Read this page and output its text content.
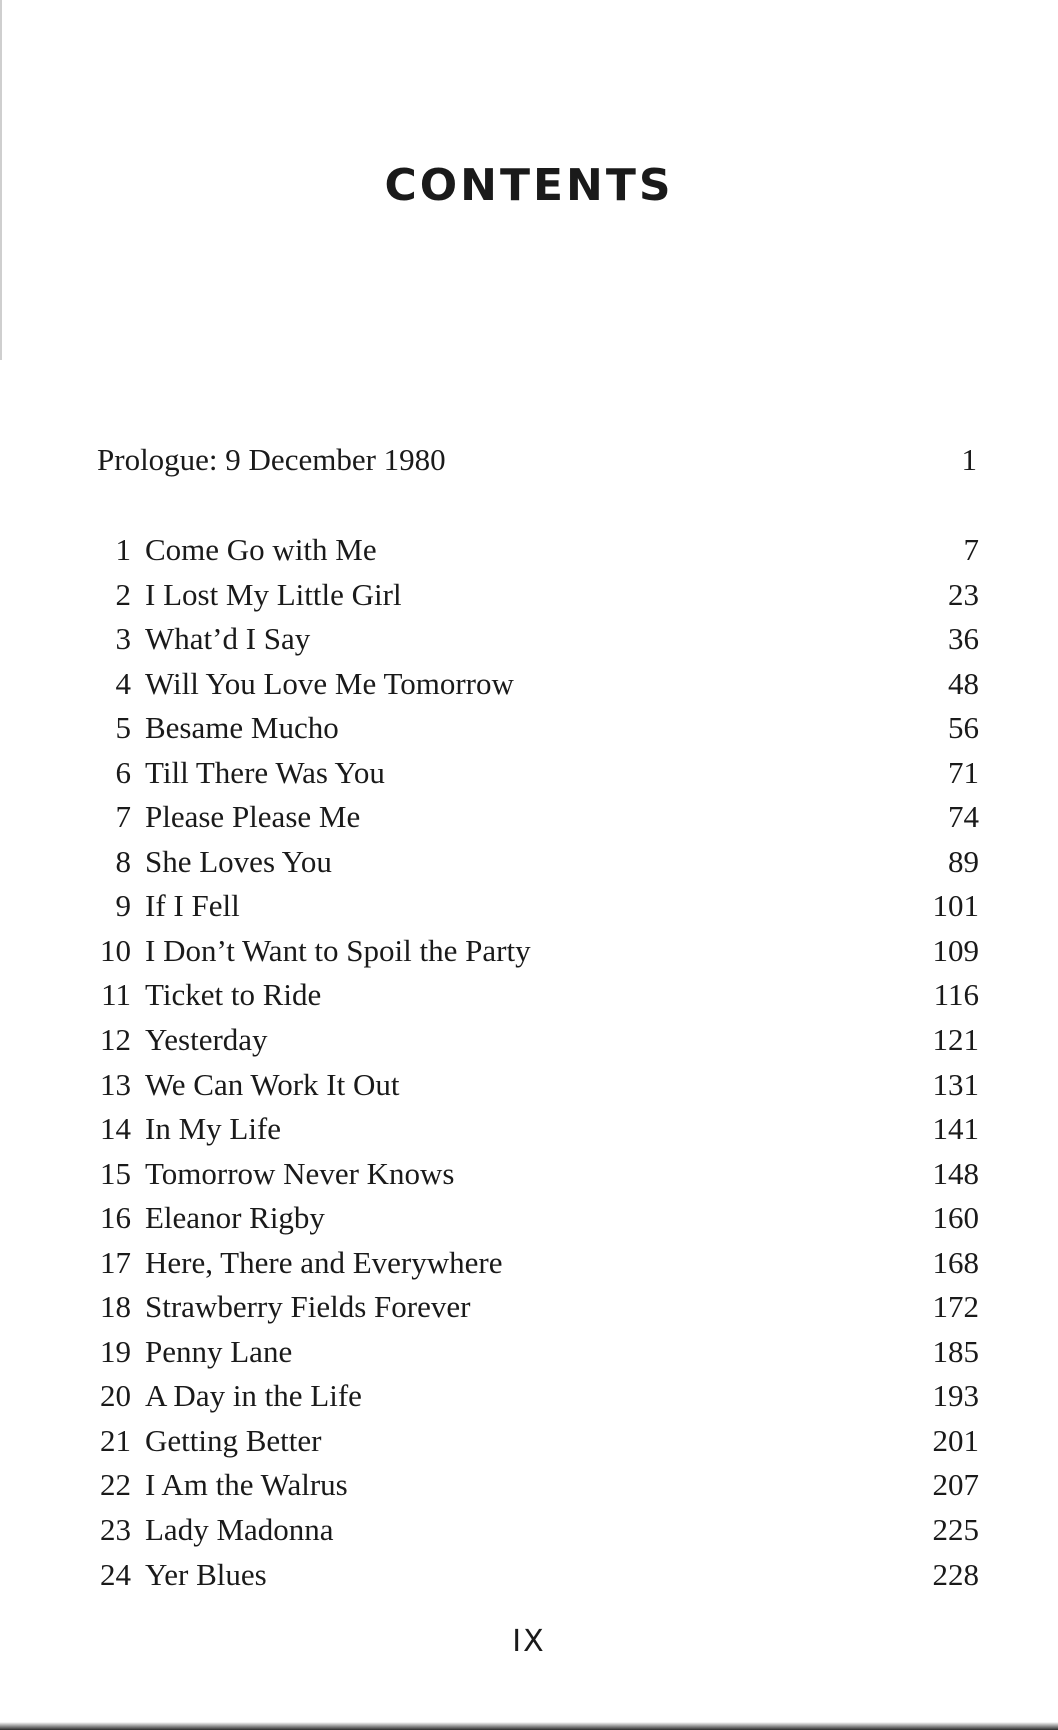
CONTENTS
Prologue: 9 December 1980	1
1 Come Go with Me	7
2 I Lost My Little Girl	23
3 What’d I Say	36
4 Will You Love Me Tomorrow	48
5 Besame Mucho	56
6 Till There Was You	71
7 Please Please Me	74
8 She Loves You	89
9 If I Fell	101
10 I Don’t Want to Spoil the Party	109
11 Ticket to Ride	116
12 Yesterday	121
13 We Can Work It Out	131
14 In My Life	141
15 Tomorrow Never Knows	148
16 Eleanor Rigby	160
17 Here, There and Everywhere	168
18 Strawberry Fields Forever	172
19 Penny Lane	185
20 A Day in the Life	193
21 Getting Better	201
22 I Am the Walrus	207
23 Lady Madonna	225
24 Yer Blues	228
IX
